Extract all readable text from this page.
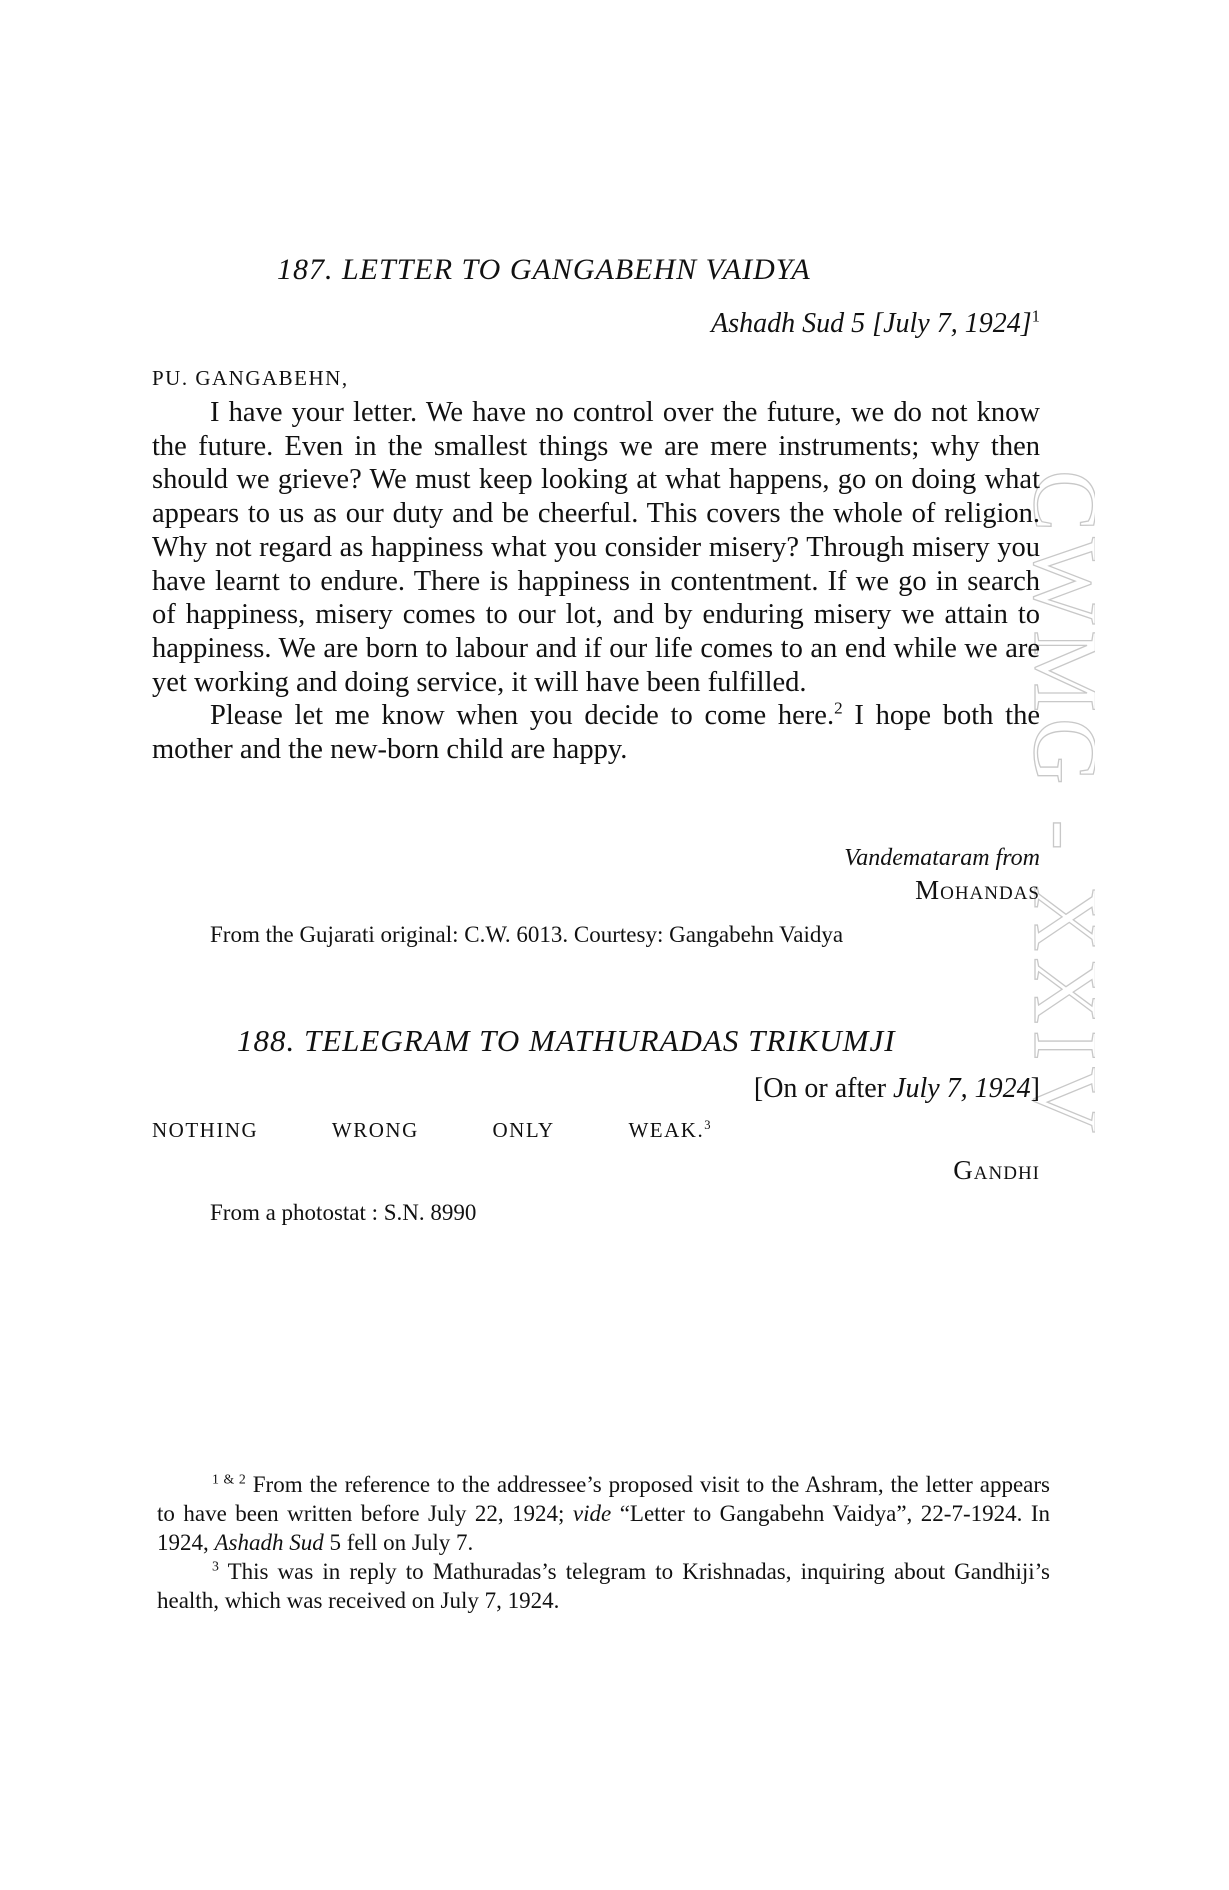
CWMG XXIV
187. LETTER TO GANGABEHN VAIDYA
Ashadh Sud 5 [July 7, 1924]$^1$
PU. GANGABEHN,

I have your letter. We have no control over the future, we do not know the future. Even in the smallest things we are mere instruments; why then should we grieve? We must keep looking at what happens, go on doing what appears to us as our duty and be cheerful. This covers the whole of religion. Why not regard as happiness what you consider misery? Through misery you have learnt to endure. There is happiness in contentment. If we go in search of happiness, misery comes to our lot, and by enduring misery we attain to happiness. We are born to labour and if our life comes to an end while we are yet working and doing service, it will have been fulfilled.

Please let me know when you decide to come here.$^2$ I hope both the mother and the new-born child are happy.

Vandemataram from
Mohandas
From the Gujarati original: C.W. 6013. Courtesy: Gangabehn Vaidya
188. TELEGRAM TO MATHURADAS TRIKUMJI
[On or after July 7, 1924]
NOTHING	WRONG	ONLY	WEAK.$^3$
Gandhi
From a photostat : S.N. 8990

$^{1 \& 2}$ From the reference to the addressee’s proposed visit to the Ashram, the letter appears to have been written before July 22, 1924; vide “Letter to Gangabehn Vaidya”, 22-7-1924. In 1924, Ashadh Sud 5 fell on July 7.

$^3$ This was in reply to Mathuradas’s telegram to Krishnadas, inquiring about Gandhiji’s health, which was received on July 7, 1924.
